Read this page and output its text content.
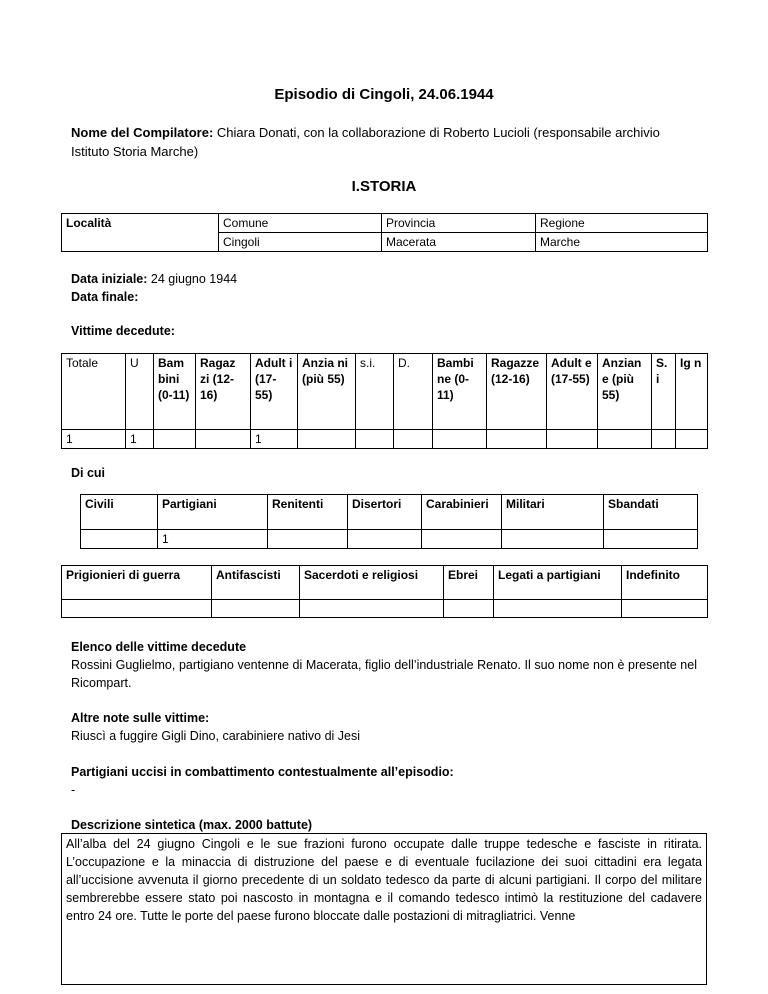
Episodio di Cingoli, 24.06.1944
Nome del Compilatore: Chiara Donati, con la collaborazione di Roberto Lucioli (responsabile archivio Istituto Storia Marche)
I.STORIA
Località	Comune	Provincia	Regione
	Cingoli	Macerata	Marche
Data iniziale: 24 giugno 1944
Data finale:
Vittime decedute:
Totale	U	Bam bini (0-11)	Ragaz zi (12-16)	Adult i (17-55)	Anzia ni (più 55)	s.i.	D.	Bambi ne (0-11)	Ragazze (12-16)	Adult e (17-55)	Anzian e (più 55)	S. i	Ig n
1	1			1									
Di cui
Civili	Partigiani	Renitenti	Disertori	Carabinieri	Militari	Sbandati
	1					
Prigionieri di guerra	Antifascisti	Sacerdoti e religiosi	Ebrei	Legati a partigiani	Indefinito

Elenco delle vittime decedute
Rossini Guglielmo, partigiano ventenne di Macerata, figlio dell’industriale Renato. Il suo nome non è presente nel Ricompart.
Altre note sulle vittime:
Riuscì a fuggire Gigli Dino, carabiniere nativo di Jesi
Partigiani uccisi in combattimento contestualmente all’episodio:
-
Descrizione sintetica (max. 2000 battute)
All’alba del 24 giugno Cingoli e le sue frazioni furono occupate dalle truppe tedesche e fasciste in ritirata. L’occupazione e la minaccia di distruzione del paese e di eventuale fucilazione dei suoi cittadini era legata all’uccisione avvenuta il giorno precedente di un soldato tedesco da parte di alcuni partigiani. Il corpo del militare sembrerebbe essere stato poi nascosto in montagna e il comando tedesco intimò la restituzione del cadavere entro 24 ore. Tutte le porte del paese furono bloccate dalle postazioni di mitragliatrici. Venne
